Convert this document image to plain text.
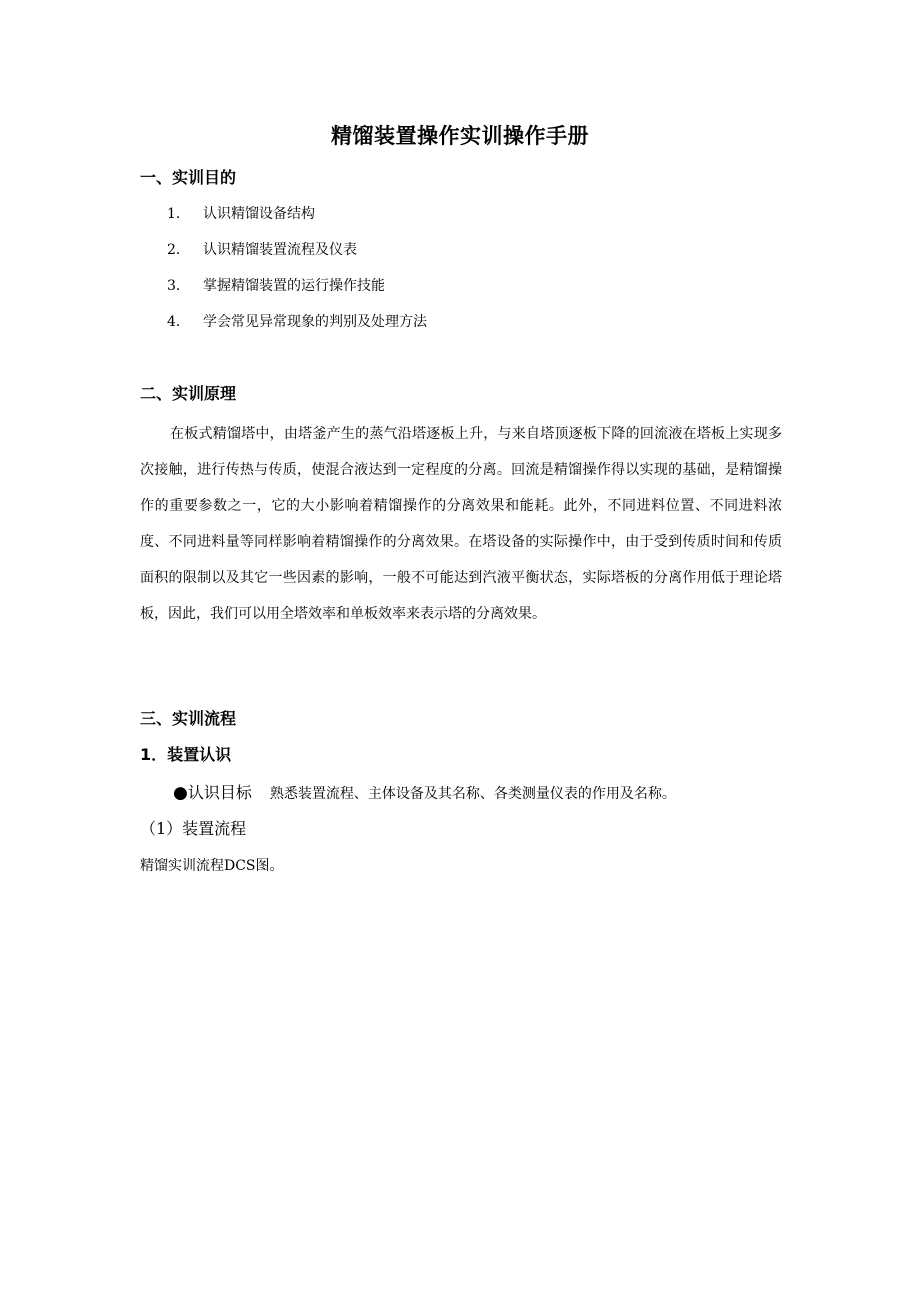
精馏装置操作实训操作手册
一、实训目的
1. 认识精馏设备结构
2. 认识精馏装置流程及仪表
3. 掌握精馏装置的运行操作技能
4. 学会常见异常现象的判别及处理方法
二、实训原理

在板式精馏塔中，由塔釜产生的蒸气沿塔逐板上升，与来自塔顶逐板下降的回流液在塔板上实现多次接触，进行传热与传质，使混合液达到一定程度的分离。回流是精馏操作得以实现的基础，是精馏操作的重要参数之一，它的大小影响着精馏操作的分离效果和能耗。此外，不同进料位置、不同进料浓度、不同进料量等同样影响着精馏操作的分离效果。在塔设备的实际操作中，由于受到传质时间和传质面积的限制以及其它一些因素的影响，一般不可能达到汽液平衡状态，实际塔板的分离作用低于理论塔板，因此，我们可以用全塔效率和单板效率来表示塔的分离效果。

三、实训流程
1．装置认识
●认识目标 熟悉装置流程、主体设备及其名称、各类测量仪表的作用及名称。
（1）装置流程
精馏实训流程DCS图。
